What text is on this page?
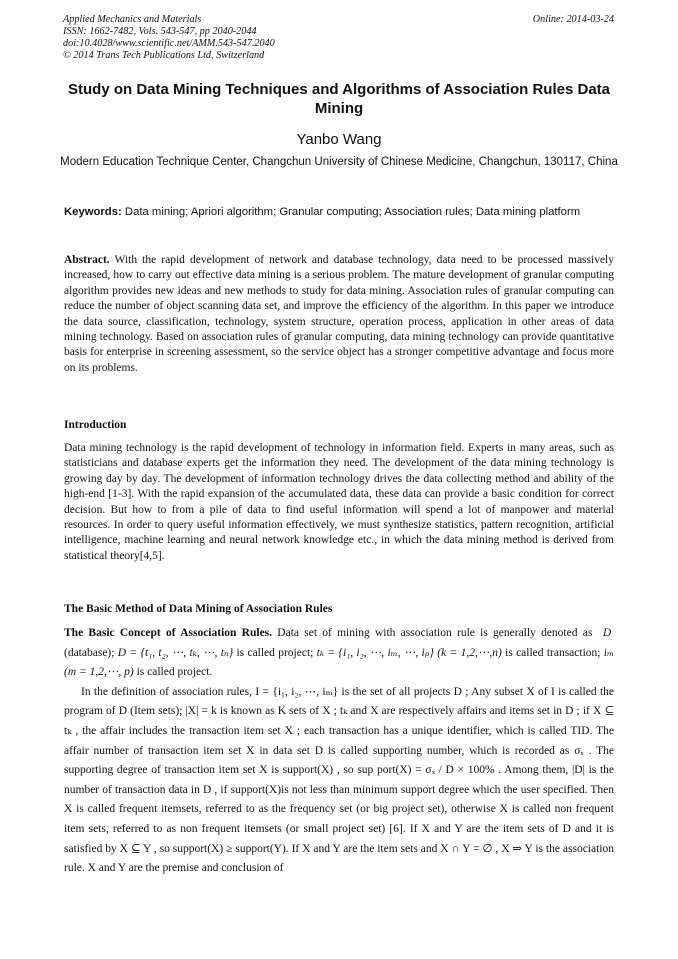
Applied Mechanics and Materials
ISSN: 1662-7482, Vols. 543-547, pp 2040-2044
doi:10.4028/www.scientific.net/AMM.543-547.2040
© 2014 Trans Tech Publications Ltd, Switzerland
Online: 2014-03-24
Study on Data Mining Techniques and Algorithms of Association Rules Data Mining
Yanbo Wang
Modern Education Technique Center, Changchun University of Chinese Medicine, Changchun, 130117, China
Keywords: Data mining; Apriori algorithm; Granular computing; Association rules; Data mining platform
Abstract. With the rapid development of network and database technology, data need to be processed massively increased, how to carry out effective data mining is a serious problem. The mature development of granular computing algorithm provides new ideas and new methods to study for data mining. Association rules of granular computing can reduce the number of object scanning data set, and improve the efficiency of the algorithm. In this paper we introduce the data source, classification, technology, system structure, operation process, application in other areas of data mining technology. Based on association rules of granular computing, data mining technology can provide quantitative basis for enterprise in screening assessment, so the service object has a stronger competitive advantage and focus more on its problems.
Introduction
Data mining technology is the rapid development of technology in information field. Experts in many areas, such as statisticians and database experts get the information they need. The development of the data mining technology is growing day by day. The development of information technology drives the data collecting method and ability of the high-end [1-3]. With the rapid expansion of the accumulated data, these data can provide a basic condition for correct decision. But how to from a pile of data to find useful information will spend a lot of manpower and material resources. In order to query useful information effectively, we must synthesize statistics, pattern recognition, artificial intelligence, machine learning and neural network knowledge etc., in which the data mining method is derived from statistical theory[4,5].
The Basic Method of Data Mining of Association Rules

The Basic Concept of Association Rules. Data set of mining with association rule is generally denoted as  D  (database); D = {t₁, t₂, ⋯, tₖ, ⋯, tₙ} is called project; tₖ = {i₁, i₂, ⋯, iₘ, ⋯, iₚ} (k = 1,2,⋯,n) is called transaction; iₘ (m = 1,2,⋯, p) is called project.

In the definition of association rules, I = {i₁, i₂, ⋯, iₘ} is the set of all projects D ; Any subset X of I is called the program of D (Item sets); |X| = k is known as K sets of X ; tₖ and X are respectively affairs and items set in D ; if X ⊆ tₖ , the affair includes the transaction item set X ; each transaction has a unique identifier, which is called TID. The affair number of transaction item set X in data set D is called supporting number, which is recorded as σₓ . The supporting degree of transaction item set X is support(X) , so sup port(X) = σₓ / D × 100% . Among them, |D| is the number of transaction data in D , if support(X)is not less than minimum support degree which the user specified. Then X is called frequent itemsets, referred to as the frequency set (or big project set), otherwise X is called non frequent item sets, referred to as non frequent itemsets (or small project set) [6]. If X and Y are the item sets of D and it is satisfied by X ⊆ Y , so support(X) ≥ support(Y). If X and Y are the item sets and X ∩ Y = ∅ , X ⇒ Y is the association rule. X and Y are the premise and conclusion of
